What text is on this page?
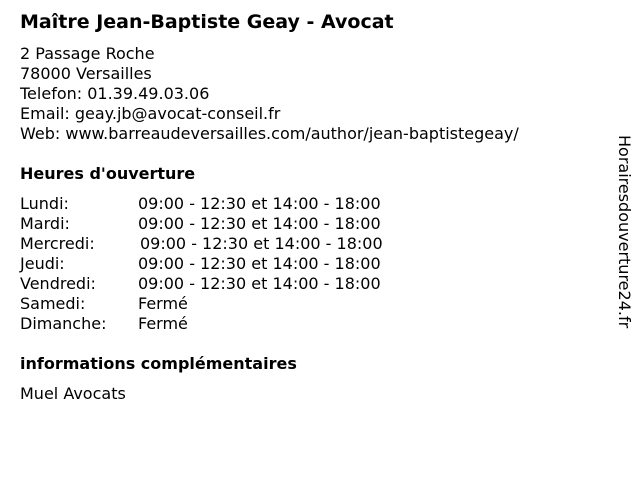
Maître Jean-Baptiste Geay - Avocat
2 Passage Roche
78000 Versailles
Telefon: 01.39.49.03.06
Email: geay.jb@avocat-conseil.fr
Web: www.barreaudeversailles.com/author/jean-baptistegeay/
Heures d'ouverture
Lundi:	09:00 - 12:30 et 14:00 - 18:00
Mardi:	09:00 - 12:30 et 14:00 - 18:00
Mercredi:	09:00 - 12:30 et 14:00 - 18:00
Jeudi:	09:00 - 12:30 et 14:00 - 18:00
Vendredi:	09:00 - 12:30 et 14:00 - 18:00
Samedi:	Fermé
Dimanche: Fermé
informations complémentaires
Muel Avocats
Horairesdouverture24.fr
